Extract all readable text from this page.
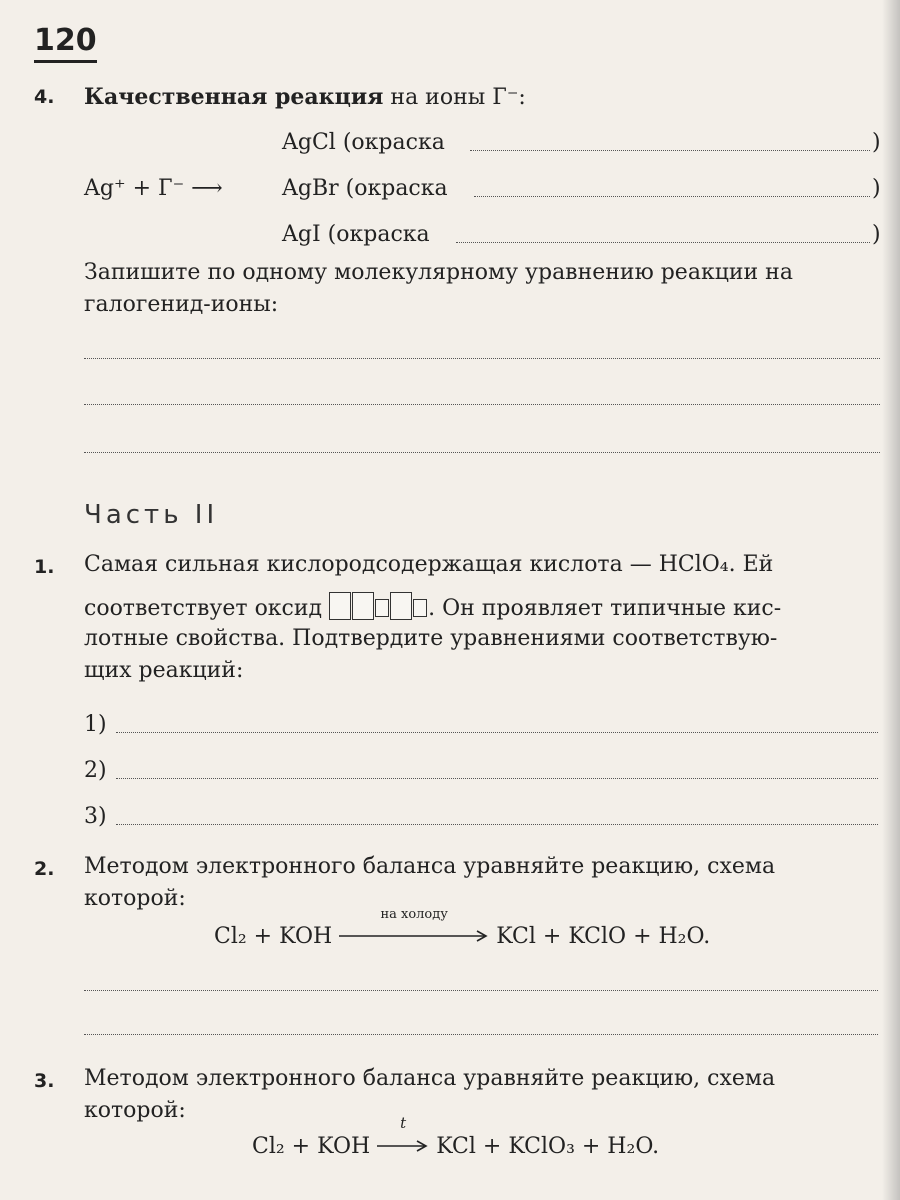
120
4. Качественная реакция на ионы Г⁻:
AgCl (окраска	)
Ag⁺ + Г⁻ ⟶	AgBr (окраска	)
AgI (окраска	)
Запишите по одному молекулярному уравнению реакции на
галогенид-ионы:
Часть II
1. Самая сильная кислородсодержащая кислота — HClO₄. Ей
соответствует оксид	. Он проявляет типичные кис-
лотные свойства. Подтвердите уравнениями соответствую-
щих реакций:
1)
2)
3)
2. Методом электронного баланса уравняйте реакцию, схема
которой:
Cl₂ + KOH
на холоду
KCl + KClO + H₂O.
3. Методом электронного баланса уравняйте реакцию, схема
которой:
Cl₂ + KOH
t
KCl + KClO₃ + H₂O.
